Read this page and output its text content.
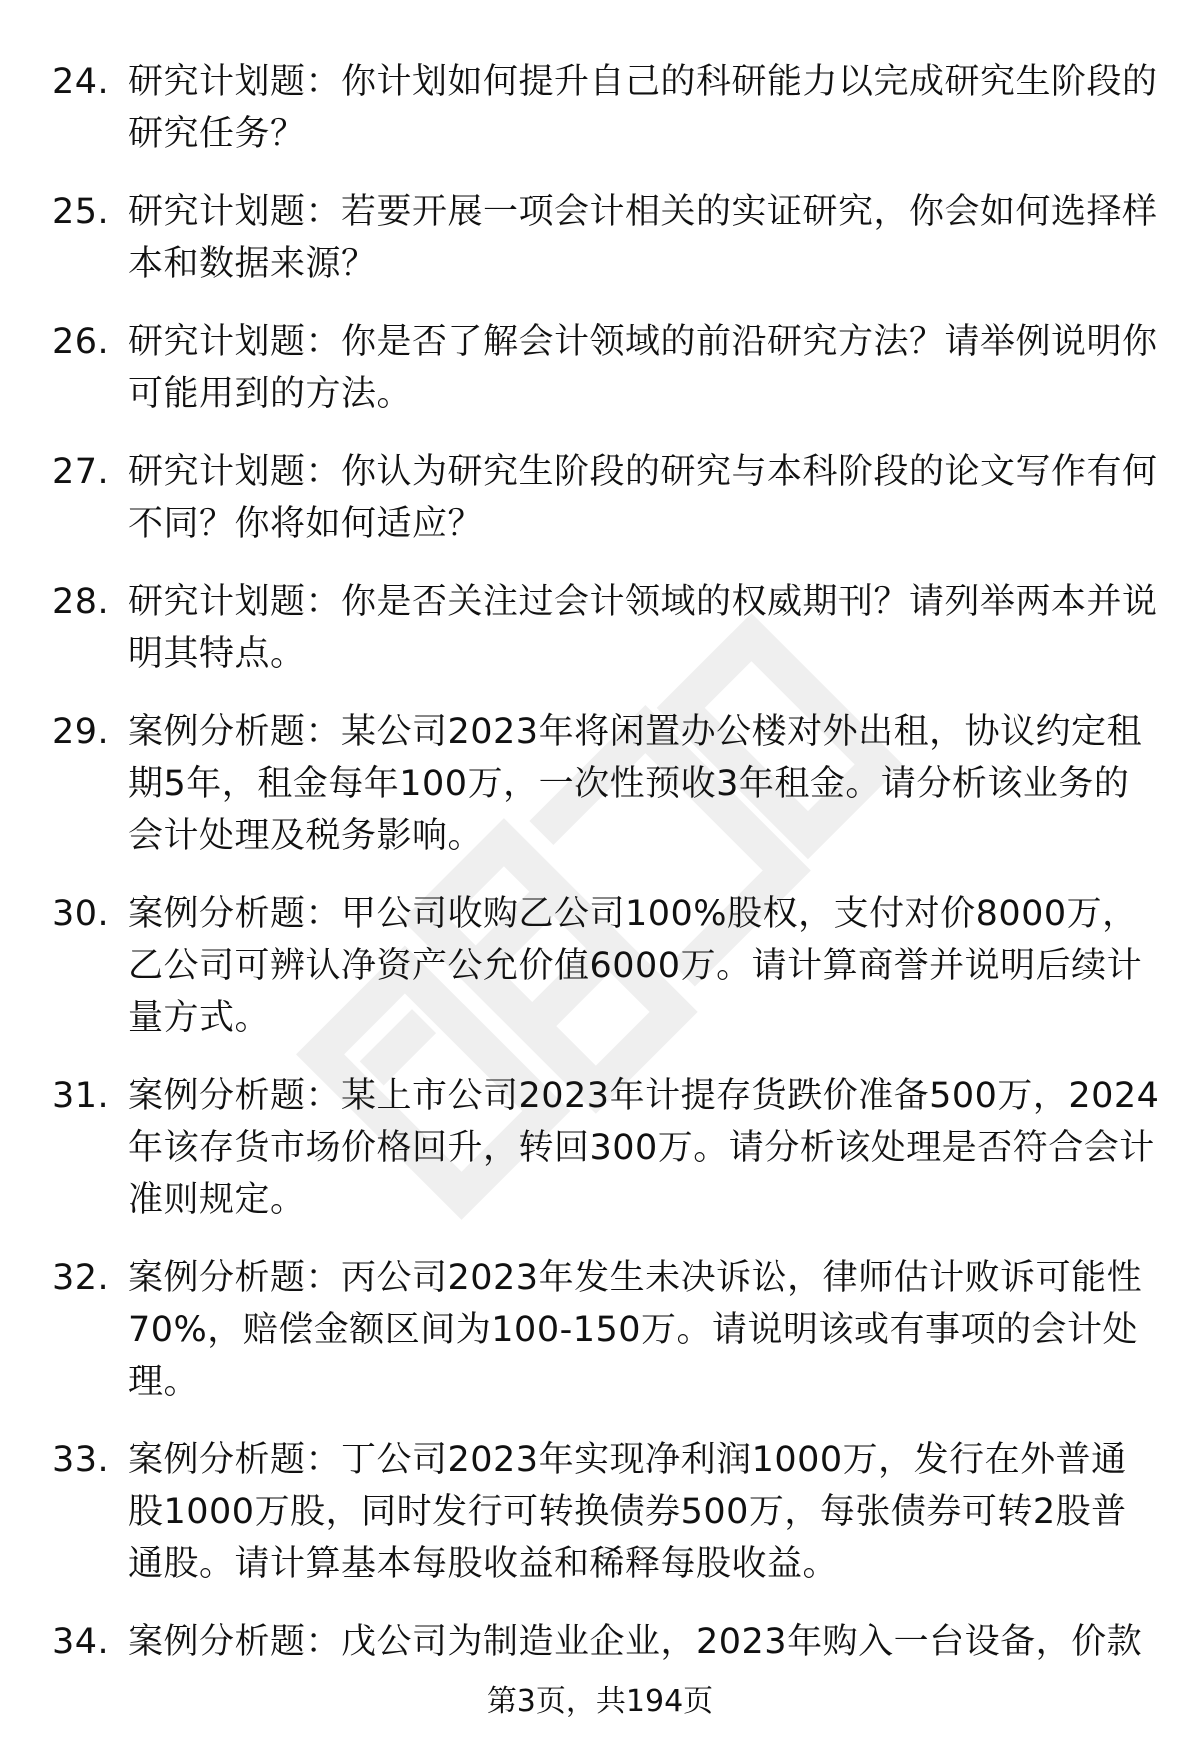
24. 研究计划题：你计划如何提升自己的科研能力以完成研究生阶段的研究任务？
25. 研究计划题：若要开展一项会计相关的实证研究，你会如何选择样本和数据来源？
26. 研究计划题：你是否了解会计领域的前沿研究方法？请举例说明你可能用到的方法。
27. 研究计划题：你认为研究生阶段的研究与本科阶段的论文写作有何不同？你将如何适应？
28. 研究计划题：你是否关注过会计领域的权威期刊？请列举两本并说明其特点。
29. 案例分析题：某公司2023年将闲置办公楼对外出租，协议约定租期5年，租金每年100万，一次性预收3年租金。请分析该业务的会计处理及税务影响。
30. 案例分析题：甲公司收购乙公司100%股权，支付对价8000万，乙公司可辨认净资产公允价值6000万。请计算商誉并说明后续计量方式。
31. 案例分析题：某上市公司2023年计提存货跌价准备500万，2024年该存货市场价格回升，转回300万。请分析该处理是否符合会计准则规定。
32. 案例分析题：丙公司2023年发生未决诉讼，律师估计败诉可能性70%，赔偿金额区间为100-150万。请说明该或有事项的会计处理。
33. 案例分析题：丁公司2023年实现净利润1000万，发行在外普通股1000万股，同时发行可转换债券500万，每张债券可转2股普通股。请计算基本每股收益和稀释每股收益。
34. 案例分析题：戊公司为制造业企业，2023年购入一台设备，价款
第3页，共194页
